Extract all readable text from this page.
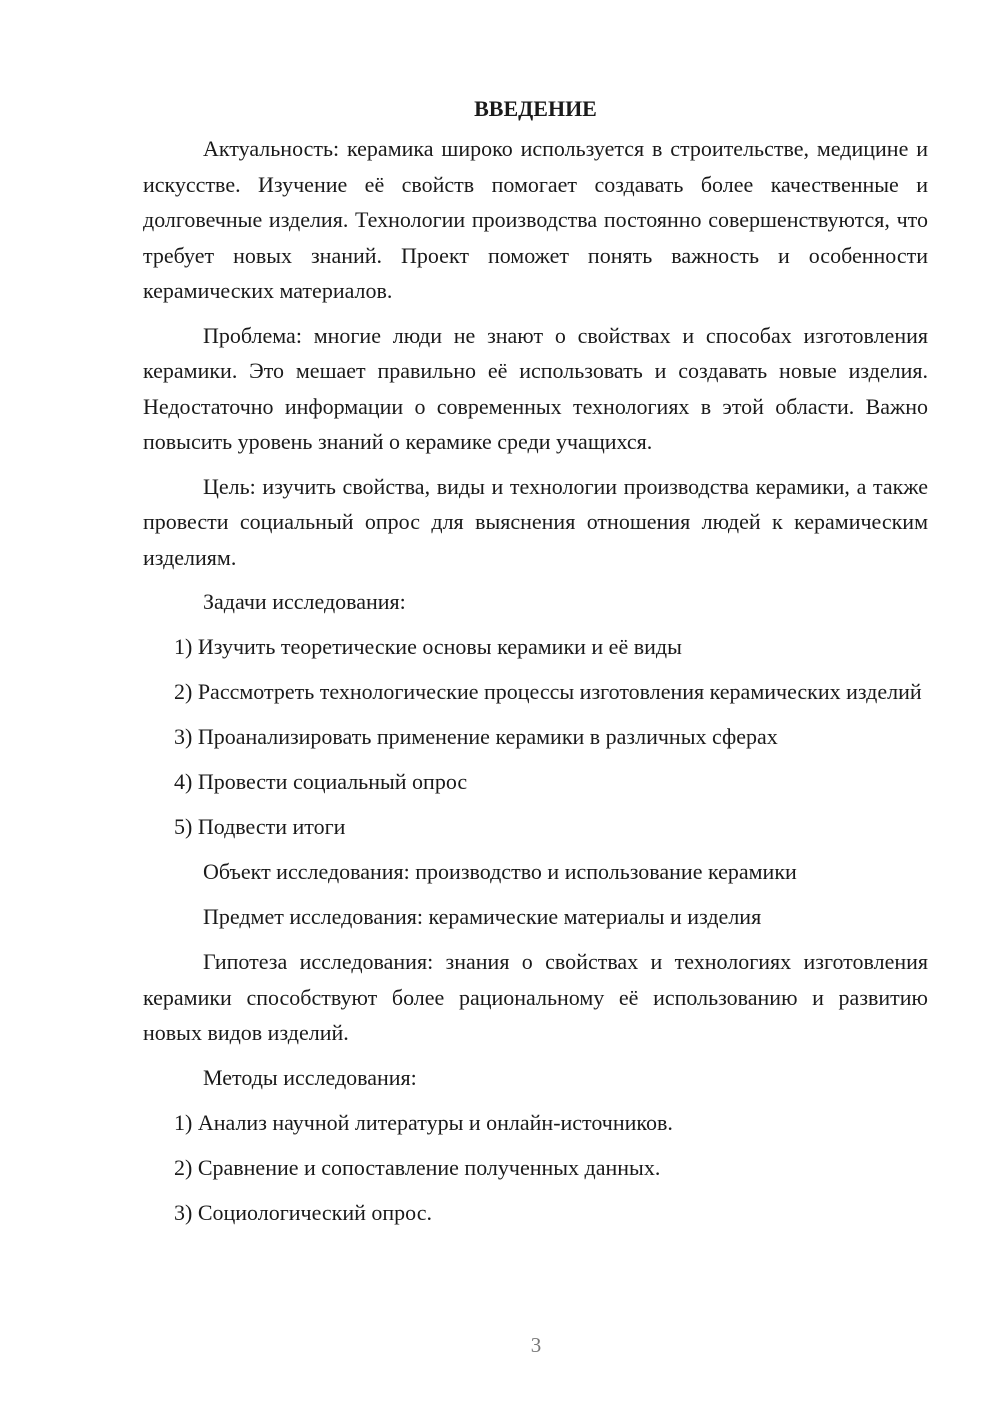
ВВЕДЕНИЕ

Актуальность: керамика широко используется в строительстве, медицине и искусстве. Изучение её свойств помогает создавать более качественные и долговечные изделия. Технологии производства постоянно совершенствуются, что требует новых знаний. Проект поможет понять важность и особенности керамических материалов.

Проблема: многие люди не знают о свойствах и способах изготовления керамики. Это мешает правильно её использовать и создавать новые изделия. Недостаточно информации о современных технологиях в этой области. Важно повысить уровень знаний о керамике среди учащихся.

Цель: изучить свойства, виды и технологии производства керамики, а также провести социальный опрос для выяснения отношения людей к керамическим изделиям.

Задачи исследования:

1) Изучить теоретические основы керамики и её виды

2) Рассмотреть технологические процессы изготовления керамических изделий

3) Проанализировать применение керамики в различных сферах

4) Провести социальный опрос

5) Подвести итоги

Объект исследования: производство и использование керамики

Предмет исследования: керамические материалы и изделия

Гипотеза исследования: знания о свойствах и технологиях изготовления керамики способствуют более рациональному её использованию и развитию новых видов изделий.

Методы исследования:

1) Анализ научной литературы и онлайн-источников.

2) Сравнение и сопоставление полученных данных.

3) Социологический опрос.

3
